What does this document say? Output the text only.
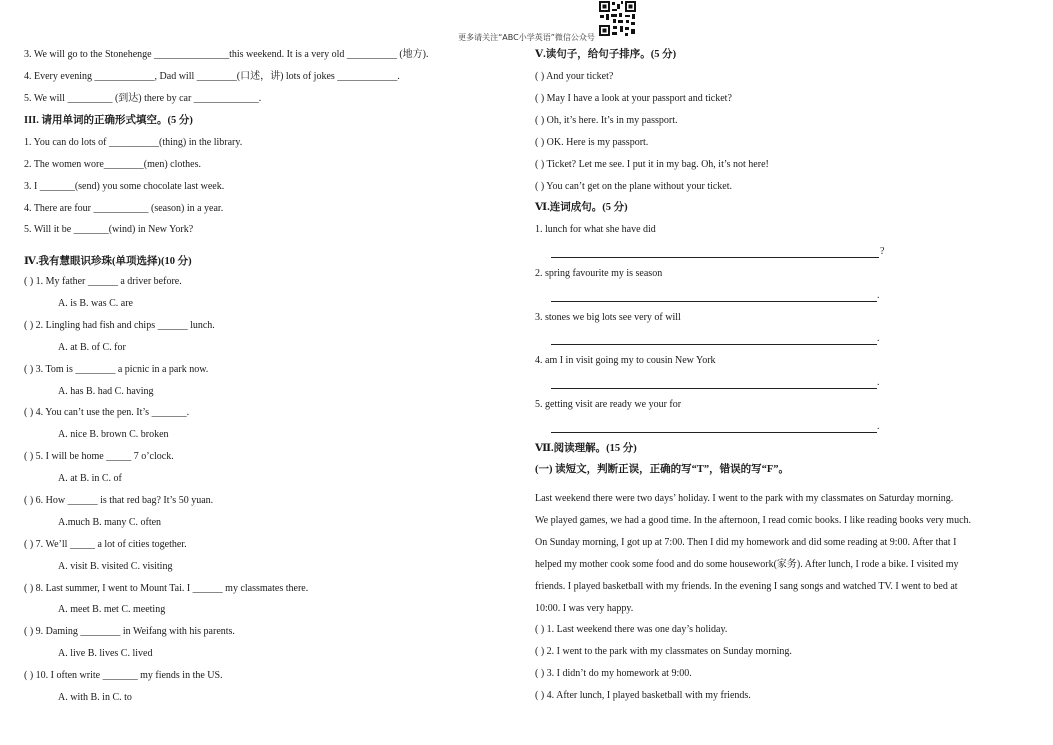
更多请关注“ABC小学英语”微信公众号
3. We will go to the Stonehenge _______________this weekend. It is a very old __________ (地方).
4. Every evening ____________, Dad will ________(口述，讲) lots of jokes ____________.
5. We will _________ (到达) there by car _____________.
III. 请用单词的正确形式填空。(5 分)
1. You can do lots of __________(thing) in the library.
2. The women wore________(men) clothes.
3. I _______(send) you some chocolate last week.
4. There are four ___________ (season) in a year.
5. Will it be _______(wind) in New York?
Ⅳ.我有慧眼识珍珠(单项选择)(10 分)
( ) 1. My father ______ a driver before.
A. is B. was C. are
( ) 2. Lingling had fish and chips ______ lunch.
A. at B. of C. for
( ) 3. Tom is ________ a picnic in a park now.
A. has B. had C. having
( ) 4. You can’t use the pen. It’s _______.
A. nice B. brown C. broken
( ) 5. I will be home _____ 7 o’clock.
A. at B. in C. of
( ) 6. How ______ is that red bag? It’s 50 yuan.
A.much B. many C. often
( ) 7. We’ll _____ a lot of cities together.
A. visit B. visited C. visiting
( ) 8. Last summer, I went to Mount Tai. I ______ my classmates there.
A. meet B. met C. meeting
( ) 9. Daming ________ in Weifang with his parents.
A. live B. lives C. lived
( ) 10. I often write _______ my fiends in the US.
A. with B. in C. to
Ⅴ.读句子，给句子排序。(5 分)
( ) And your ticket?
( ) May I have a look at your passport and ticket?
( ) Oh, it’s here. It’s in my passport.
( ) OK. Here is my passport.
( ) Ticket? Let me see. I put it in my bag. Oh, it’s not here!
( ) You can’t get on the plane without your ticket.
Ⅵ.连词成句。(5 分)
1. lunch for what she have did
?
2. spring favourite my is season
.
3. stones we big lots see very of will
.
4. am I in visit going my to cousin New York
.
5. getting visit are ready we your for
.
Ⅶ.阅读理解。(15 分)
(一) 读短文，判断正误，正确的写“T”，错误的写“F”。
Last weekend there were two days’ holiday. I went to the park with my classmates on Saturday morning.
We played games, we had a good time. In the afternoon, I read comic books. I like reading books very much.
On Sunday morning, I got up at 7:00. Then I did my homework and did some reading at 9:00. After that I
helped my mother cook some food and do some housework(家务). After lunch, I rode a bike. I visited my
friends. I played basketball with my friends. In the evening I sang songs and watched TV. I went to bed at
10:00. I was very happy.
( ) 1. Last weekend there was one day’s holiday.
( ) 2. I went to the park with my classmates on Sunday morning.
( ) 3. I didn’t do my homework at 9:00.
( ) 4. After lunch, I played basketball with my friends.
